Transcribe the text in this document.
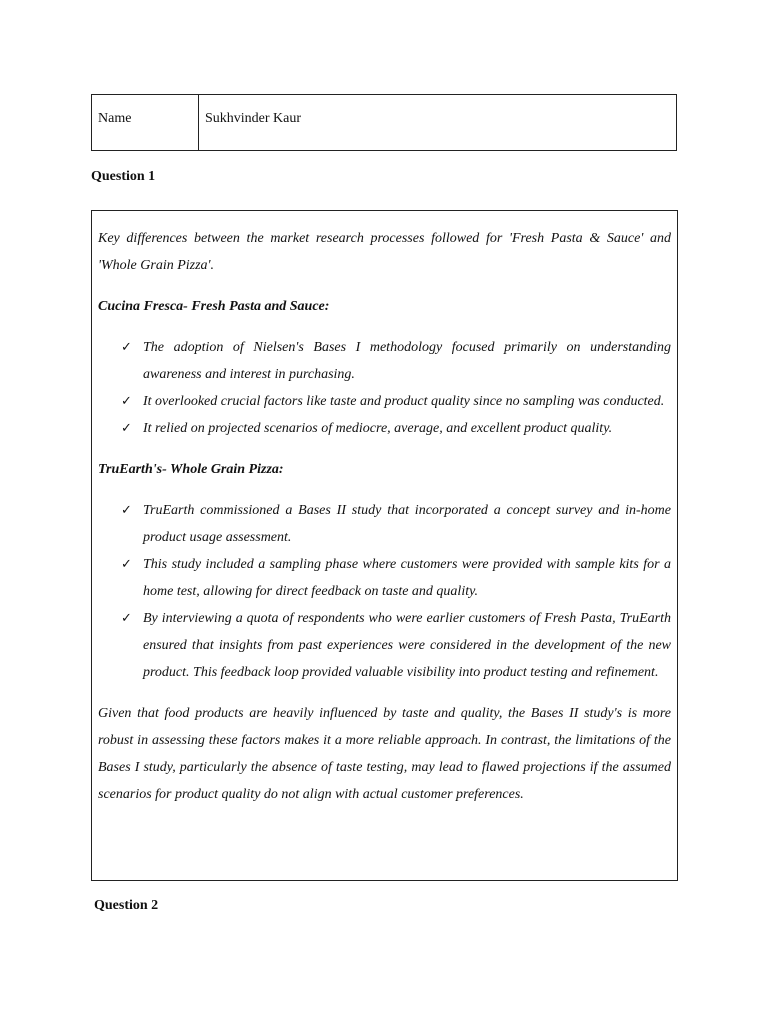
Name	Sukhvinder Kaur
Question 1

Key differences between the market research processes followed for 'Fresh Pasta & Sauce' and 'Whole Grain Pizza'.

Cucina Fresca- Fresh Pasta and Sauce:

✓ The adoption of Nielsen's Bases I methodology focused primarily on understanding awareness and interest in purchasing.
✓ It overlooked crucial factors like taste and product quality since no sampling was conducted.
✓ It relied on projected scenarios of mediocre, average, and excellent product quality.

TruEarth's- Whole Grain Pizza:

✓ TruEarth commissioned a Bases II study that incorporated a concept survey and in-home product usage assessment.
✓ This study included a sampling phase where customers were provided with sample kits for a home test, allowing for direct feedback on taste and quality.
✓ By interviewing a quota of respondents who were earlier customers of Fresh Pasta, TruEarth ensured that insights from past experiences were considered in the development of the new product. This feedback loop provided valuable visibility into product testing and refinement.

Given that food products are heavily influenced by taste and quality, the Bases II study's is more robust in assessing these factors makes it a more reliable approach. In contrast, the limitations of the Bases I study, particularly the absence of taste testing, may lead to flawed projections if the assumed scenarios for product quality do not align with actual customer preferences.

Question 2
